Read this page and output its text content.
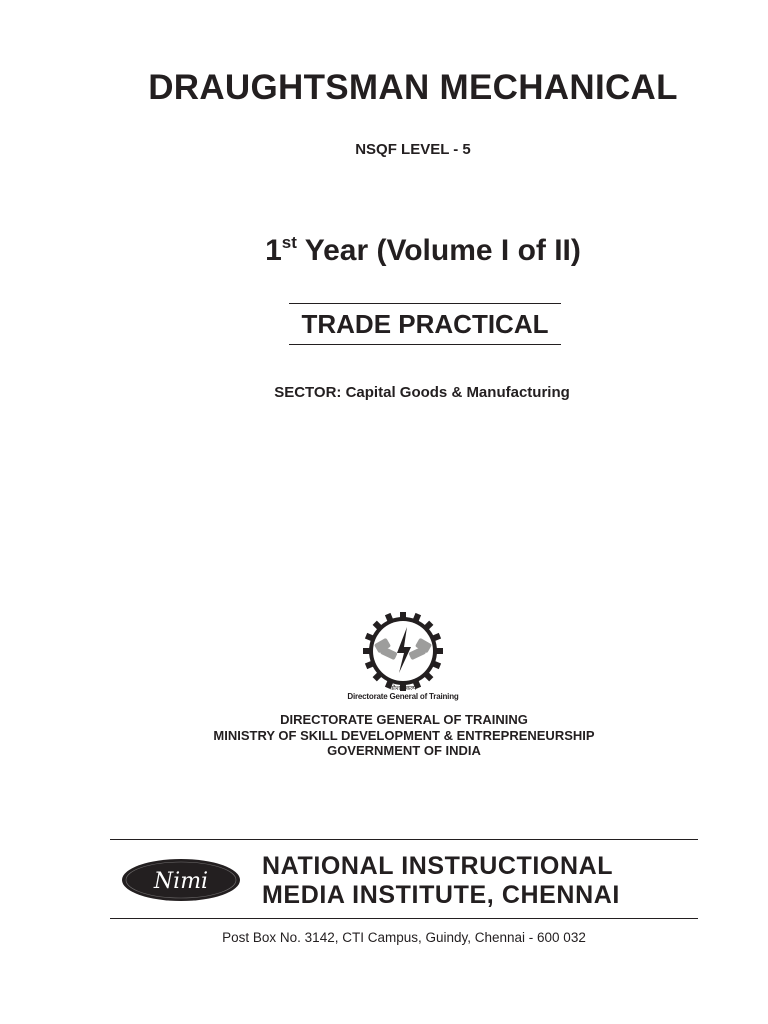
DRAUGHTSMAN MECHANICAL
NSQF LEVEL - 5
1st Year (Volume I of II)
TRADE PRACTICAL
SECTOR: Capital Goods & Manufacturing
कौशल कल्प
Directorate General of Training
DIRECTORATE GENERAL OF TRAINING
MINISTRY OF SKILL DEVELOPMENT & ENTREPRENEURSHIP
GOVERNMENT OF INDIA
Nimi
NATIONAL INSTRUCTIONAL
MEDIA INSTITUTE, CHENNAI
Post Box No. 3142, CTI Campus, Guindy, Chennai - 600 032
